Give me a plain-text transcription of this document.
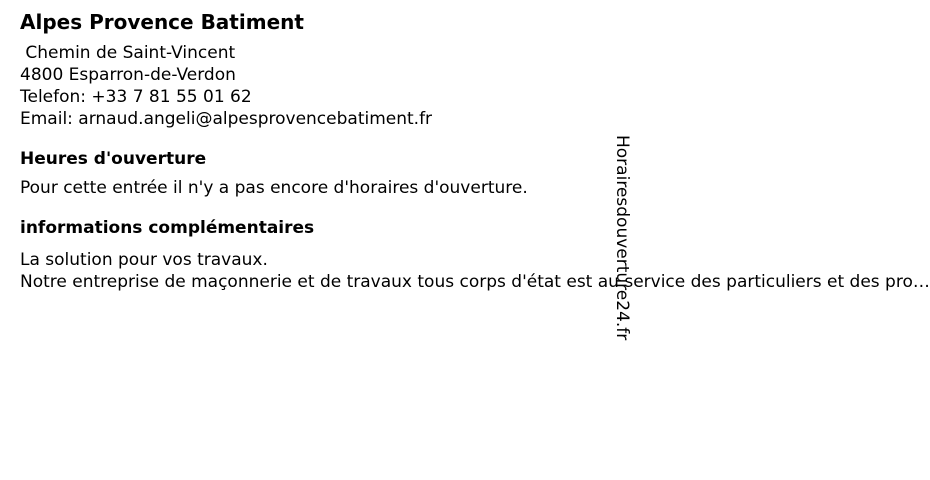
Alpes Provence Batiment
Chemin de Saint-Vincent
4800 Esparron-de-Verdon
Telefon: +33 7 81 55 01 62
Email: arnaud.angeli@alpesprovencebatiment.fr
Heures d'ouverture
Pour cette entrée il n'y a pas encore d'horaires d'ouverture.
informations complémentaires
La solution pour vos travaux.
Notre entreprise de maçonnerie et de travaux tous corps d'état est au service des particuliers et des pro…
Horairesdouverture24.fr
